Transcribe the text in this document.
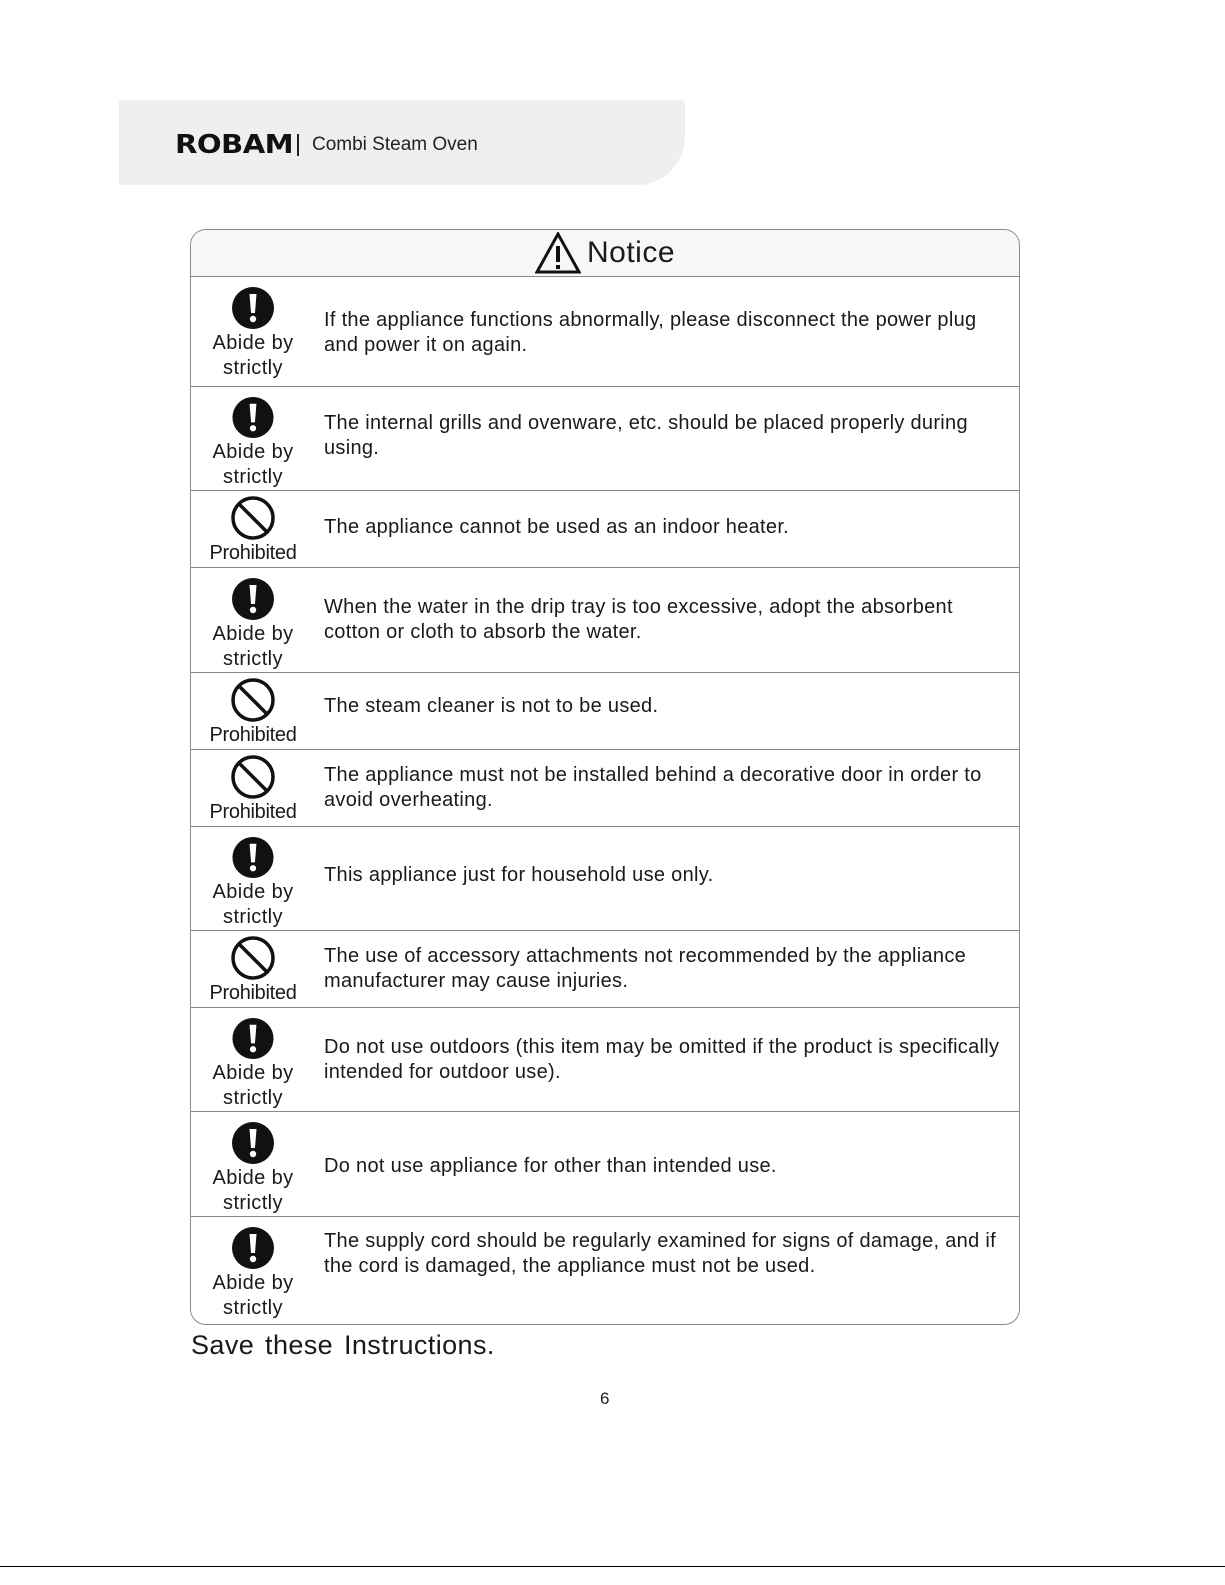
ROBAM Combi Steam Oven
Notice
Abide by
strictly
If the appliance functions abnormally, please disconnect the power plug and power it on again.
Abide by
strictly
The internal grills and ovenware, etc. should be placed properly during using.
Prohibited
The appliance cannot be used as an indoor heater.
Abide by
strictly
When the water in the drip tray is too excessive, adopt the absorbent cotton or cloth to absorb the water.
Prohibited
The steam cleaner is not to be used.
Prohibited
The appliance must not be installed behind a decorative door in order to avoid overheating.
Abide by
strictly
This appliance just for household use only.
Prohibited
The use of accessory attachments not recommended by the appliance manufacturer may cause injuries.
Abide by
strictly
Do not use outdoors (this item may be omitted if the product is specifically intended for outdoor use).
Abide by
strictly
Do not use appliance for other than intended use.
Abide by
strictly
The supply cord should be regularly examined for signs of damage, and if the cord is damaged, the appliance must not be used.
Save these Instructions.
6
